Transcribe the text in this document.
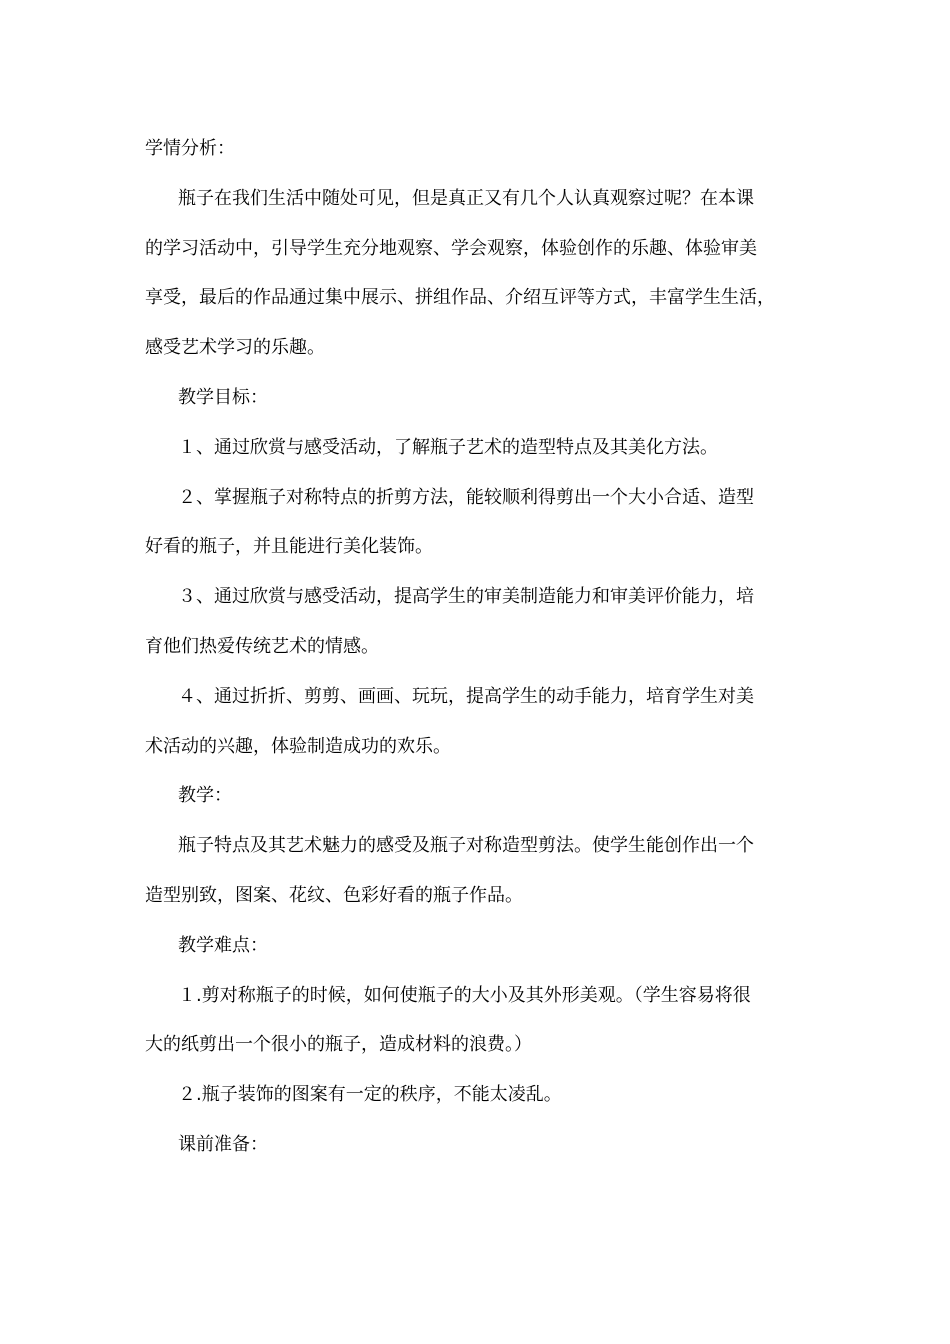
学情分析：

瓶子在我们生活中随处可见，但是真正又有几个人认真观察过呢？在本课

的学习活动中，引导学生充分地观察、学会观察，体验创作的乐趣、体验审美

享受，最后的作品通过集中展示、拼组作品、介绍互评等方式，丰富学生生活，

感受艺术学习的乐趣。

教学目标：

１、通过欣赏与感受活动，了解瓶子艺术的造型特点及其美化方法。

２、掌握瓶子对称特点的折剪方法，能较顺利得剪出一个大小合适、造型

好看的瓶子，并且能进行美化装饰。

３、通过欣赏与感受活动，提高学生的审美制造能力和审美评价能力，培

育他们热爱传统艺术的情感。

４、通过折折、剪剪、画画、玩玩，提高学生的动手能力，培育学生对美

术活动的兴趣，体验制造成功的欢乐。

教学：

瓶子特点及其艺术魅力的感受及瓶子对称造型剪法。使学生能创作出一个

造型别致，图案、花纹、色彩好看的瓶子作品。

教学难点：

１.剪对称瓶子的时候，如何使瓶子的大小及其外形美观。（学生容易将很

大的纸剪出一个很小的瓶子，造成材料的浪费。）

２.瓶子装饰的图案有一定的秩序，不能太凌乱。

课前准备：
